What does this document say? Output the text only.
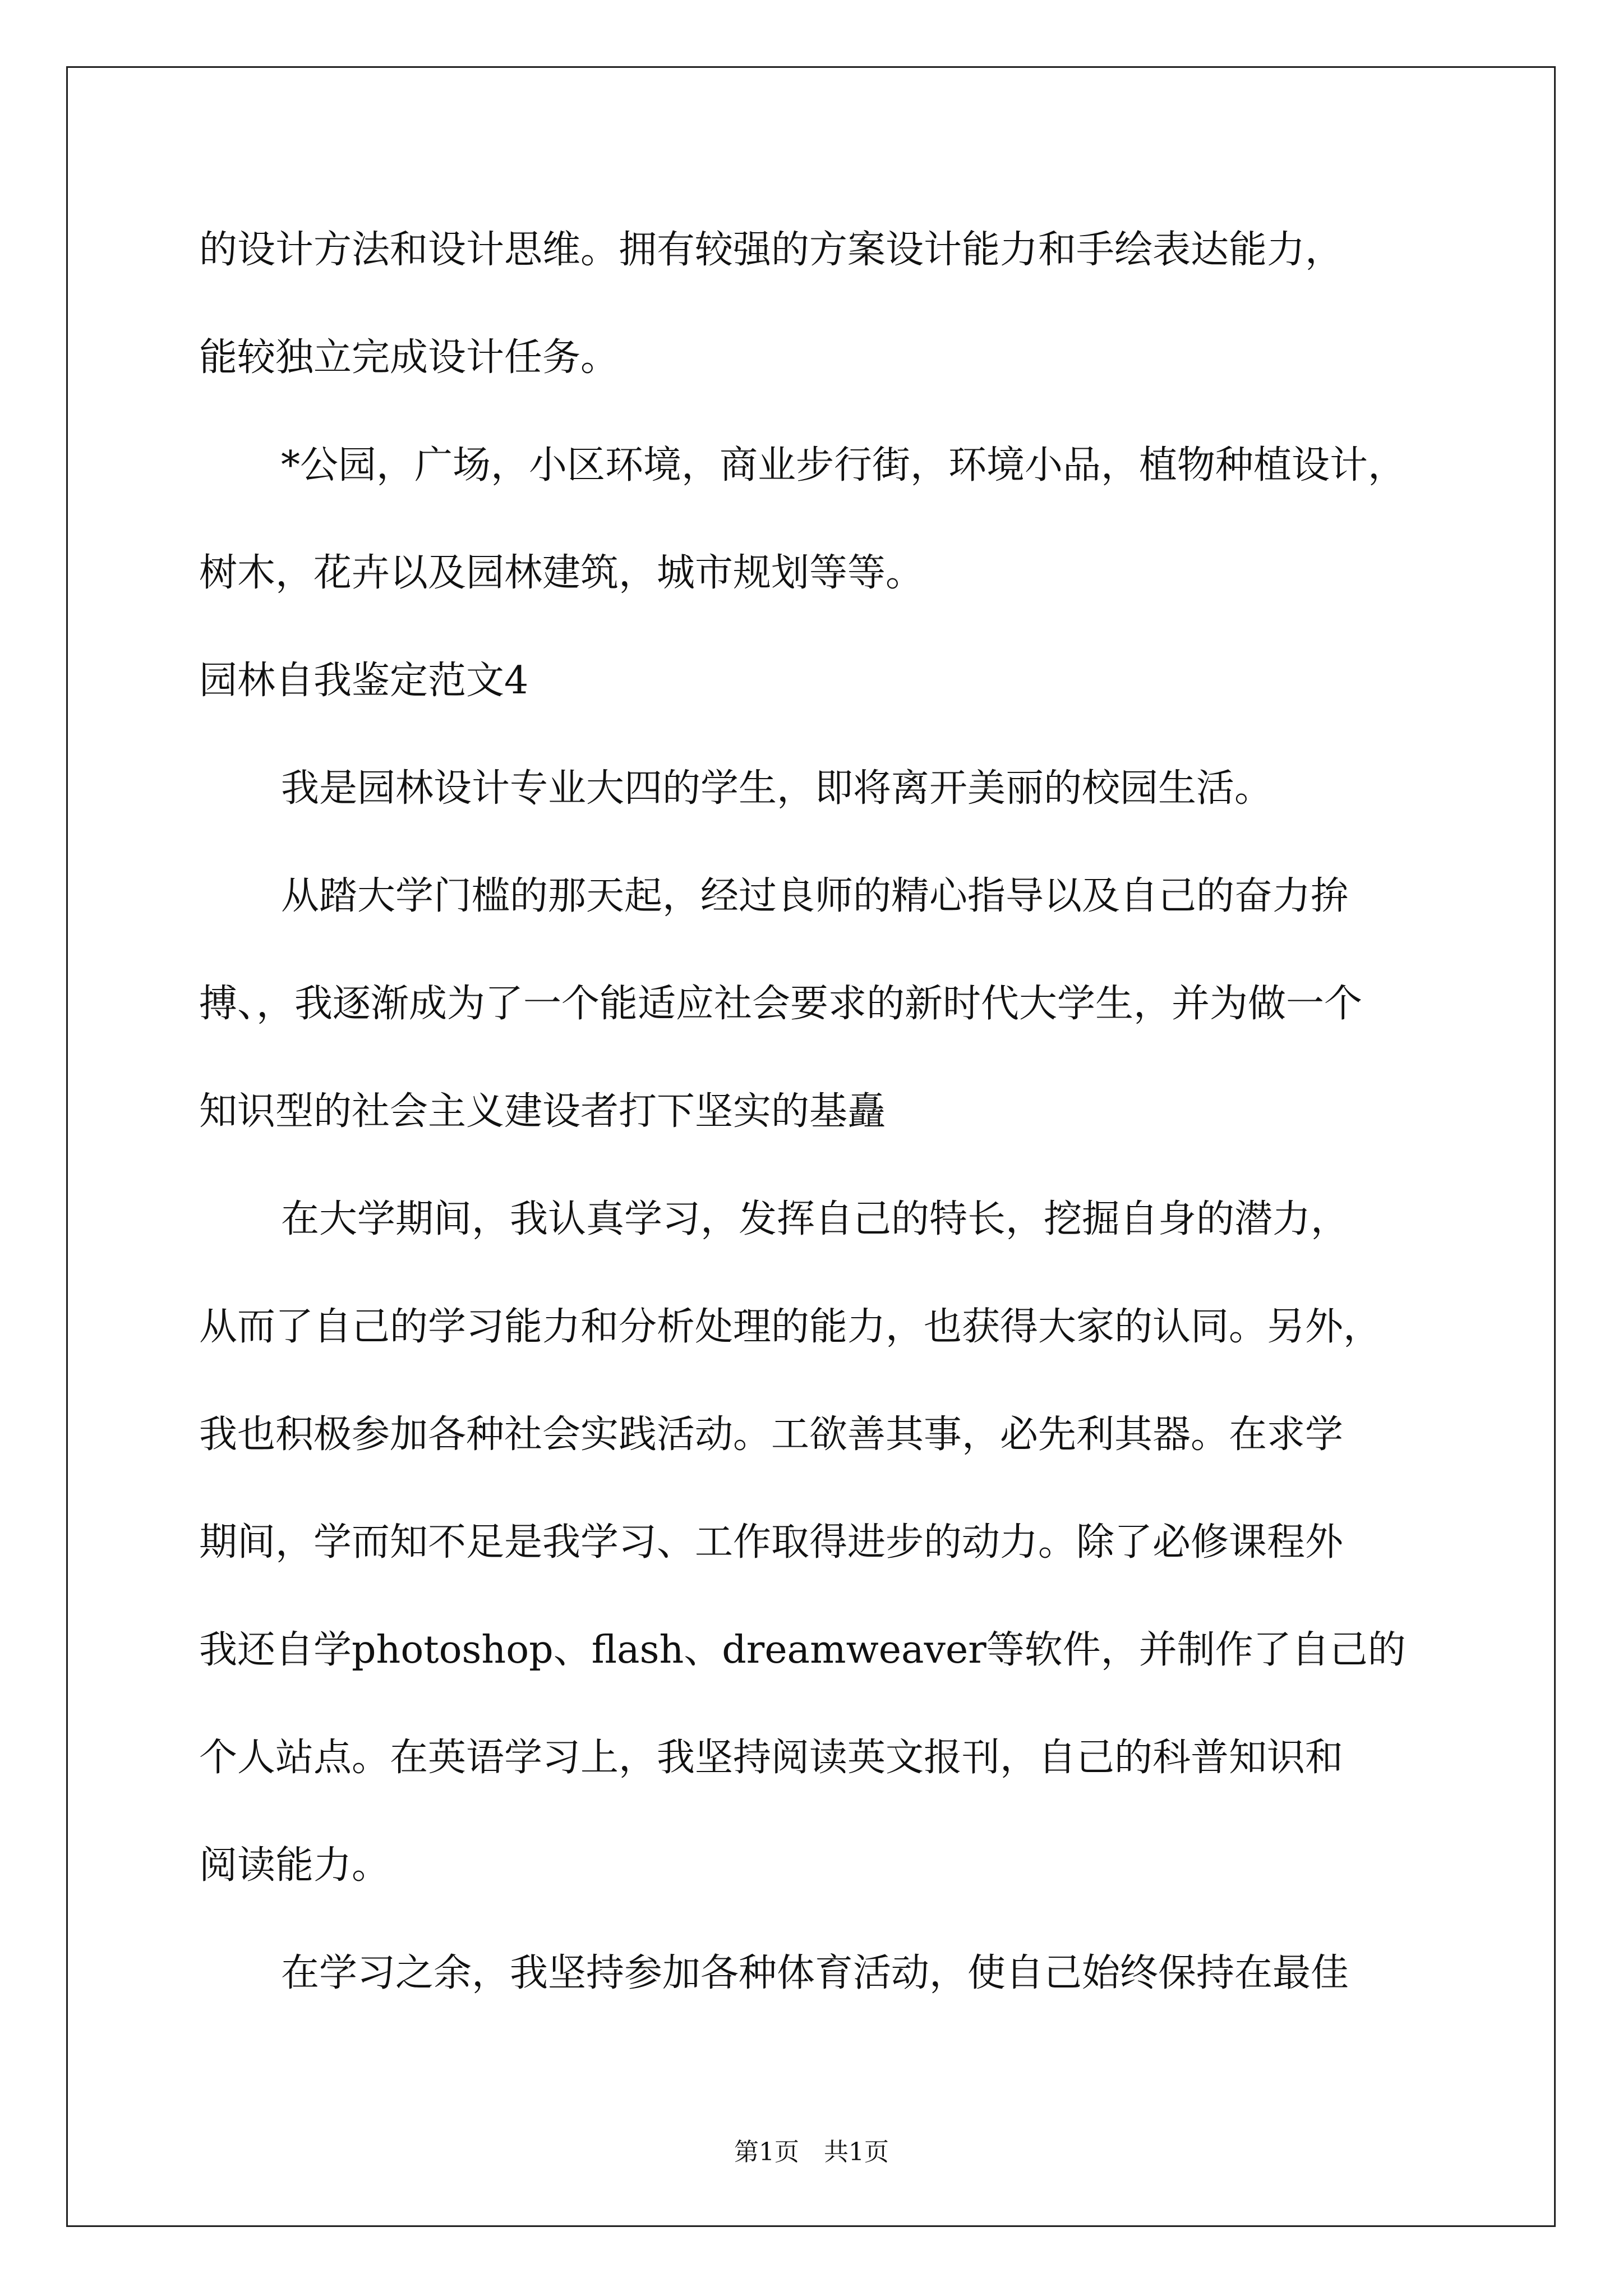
的设计方法和设计思维。拥有较强的方案设计能力和手绘表达能力，
能较独立完成设计任务。
*公园，广场，小区环境，商业步行街，环境小品，植物种植设计，
树木，花卉以及园林建筑，城市规划等等。
园林自我鉴定范文4
我是园林设计专业大四的学生，即将离开美丽的校园生活。
从踏大学门槛的那天起，经过良师的精心指导以及自己的奋力拚
搏、，我逐渐成为了一个能适应社会要求的新时代大学生，并为做一个
知识型的社会主义建设者打下坚实的基矗
在大学期间，我认真学习，发挥自己的特长，挖掘自身的潜力，
从而了自己的学习能力和分析处理的能力，也获得大家的认同。另外，
我也积极参加各种社会实践活动。工欲善其事，必先利其器。在求学
期间，学而知不足是我学习、工作取得进步的动力。除了必修课程外
我还自学photoshop、flash、dreamweaver等软件，并制作了自己的
个人站点。在英语学习上，我坚持阅读英文报刊，自己的科普知识和
阅读能力。
在学习之余，我坚持参加各种体育活动，使自己始终保持在最佳
第1页　共1页
